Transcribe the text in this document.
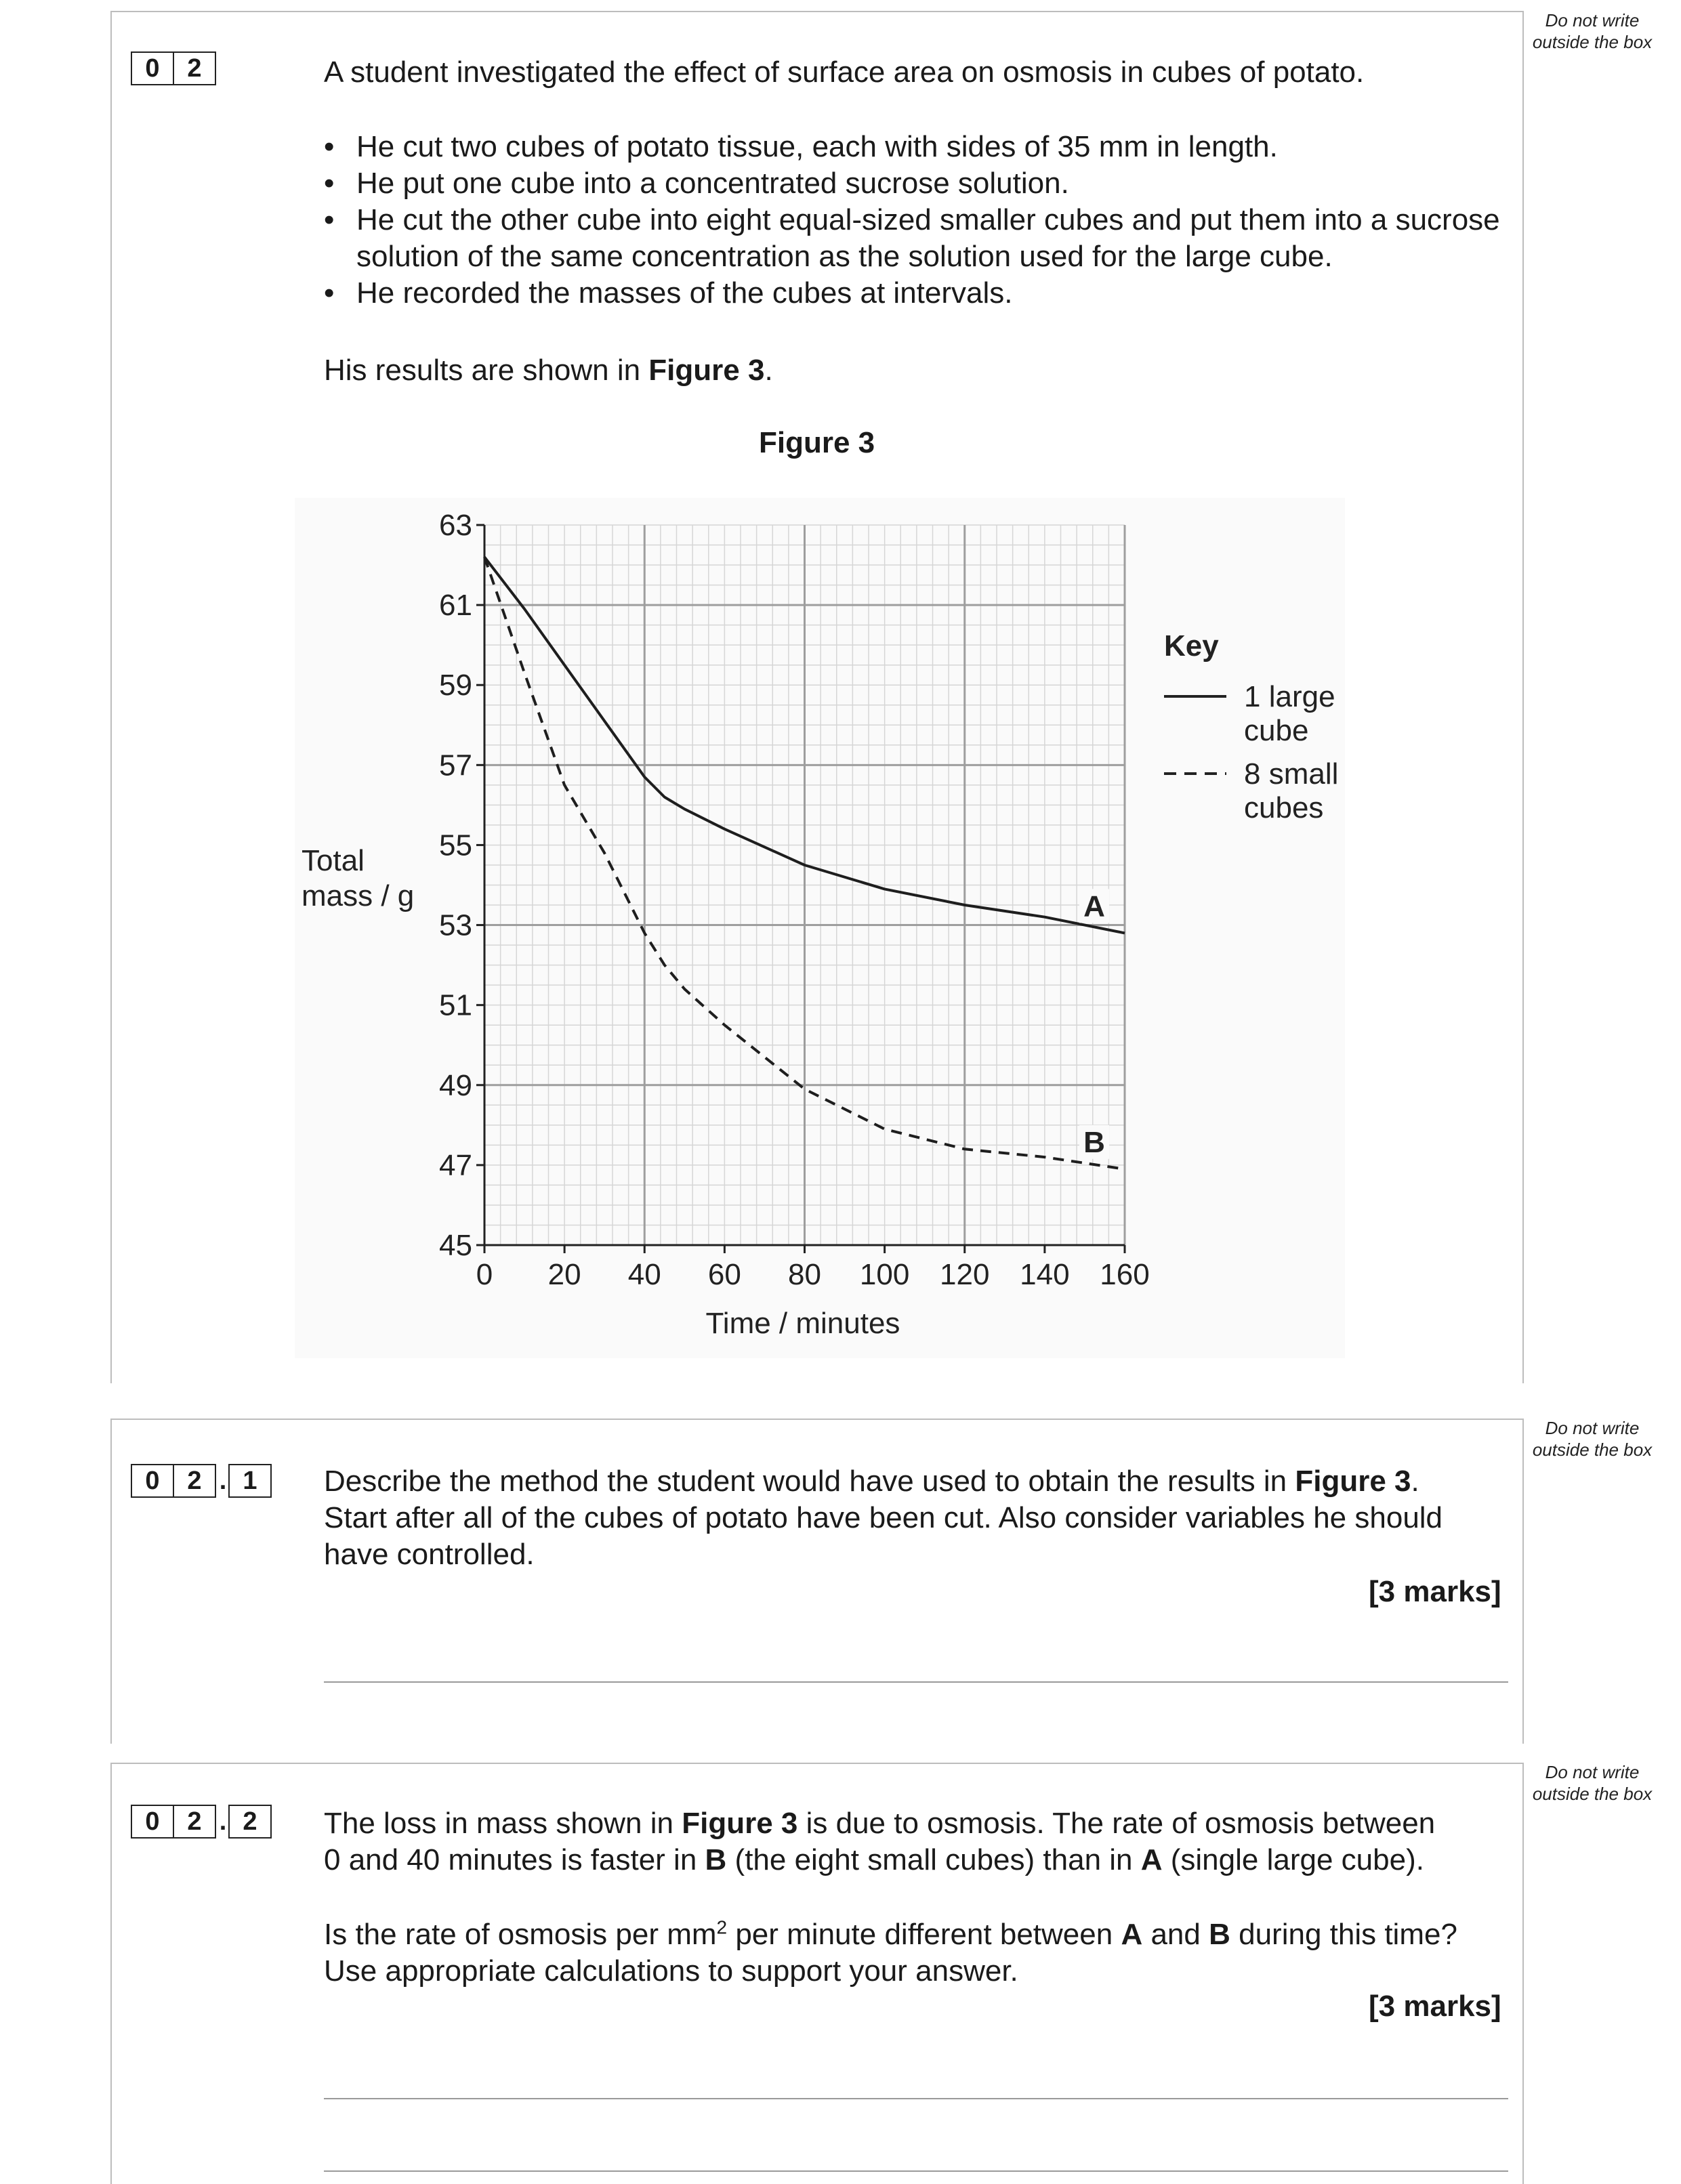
Do not write outside the box
0	2	A student investigated the effect of surface area on osmosis in cubes of potato.
• He cut two cubes of potato tissue, each with sides of 35 mm in length.
• He put one cube into a concentrated sucrose solution.
• He cut the other cube into eight equal-sized smaller cubes and put them into a sucrose solution of the same concentration as the solution used for the large cube.
• He recorded the masses of the cubes at intervals.
His results are shown in Figure 3.
Figure 3
45
47
49
51
53
55
57
59
61
63
0 20 40 60 80 100 120 140 160
A
B
Total
mass / g
Time / minutes
Key
1 large
cube
8 small
cubes
Do not write outside the box
0	2 . 1	Describe the method the student would have used to obtain the results in Figure 3.
Start after all of the cubes of potato have been cut. Also consider variables he should
have controlled.
[3 marks]
Do not write outside the box
0	2 . 2	The loss in mass shown in Figure 3 is due to osmosis. The rate of osmosis between
0 and 40 minutes is faster in B (the eight small cubes) than in A (single large cube).
Is the rate of osmosis per $mm^2$ per minute different between A and B during this time?
Use appropriate calculations to support your answer.
[3 marks]
